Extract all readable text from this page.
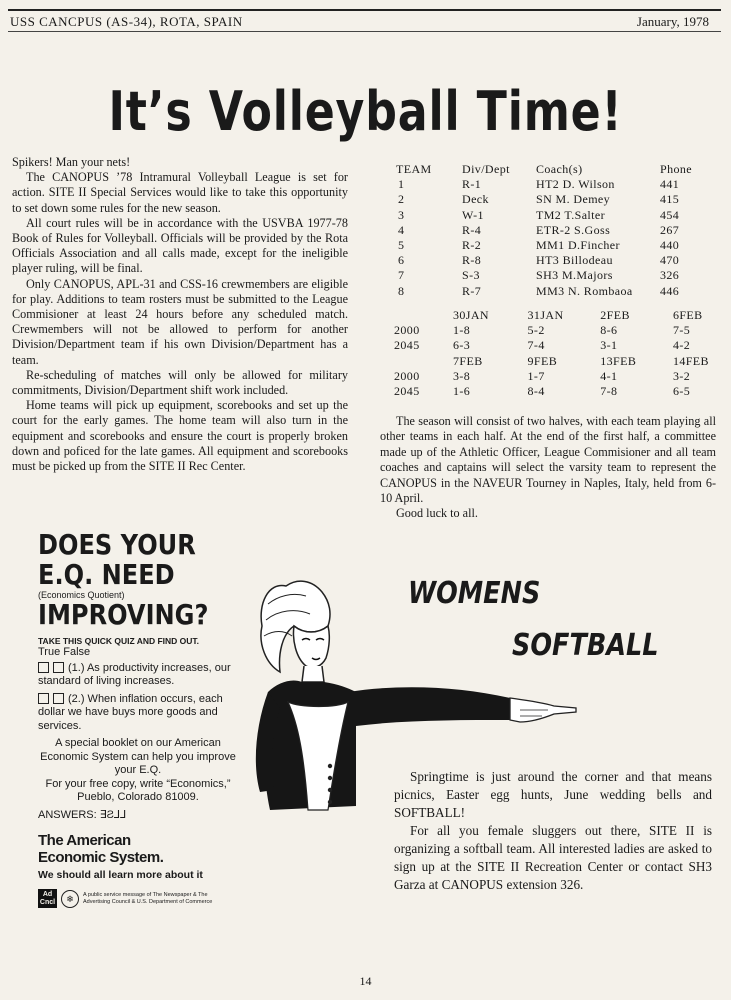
USS CANCPUS (AS-34), ROTA, SPAIN	January, 1978
It’s Volleyball Time!

Spikers! Man your nets!

The CANOPUS ’78 Intramural Volleyball League is set for action. SITE II Special Services would like to take this opportunity to set down some rules for the new season.

All court rules will be in accordance with the USVBA 1977-78 Book of Rules for Volleyball. Officials will be provided by the Rota Officials Association and all calls made, except for the ineligible player ruling, will be final.

Only CANOPUS, APL-31 and CSS-16 crewmembers are eligible for play. Additions to team rosters must be submitted to the League Commisioner at least 24 hours before any scheduled match. Crewmembers will not be allowed to perform for another Division/Department team if his own Division/Department has a team.

Re-scheduling of matches will only be allowed for military commitments, Division/Department shift work included.

Home teams will pick up equipment, scorebooks and set up the court for the early games. The home team will also turn in the equipment and scorebooks and ensure the court is properly broken down and poficed for the late games. All equipment and scorebooks must be picked up from the SITE II Rec Center.

TEAM	Div/Dept	Coach(s)	Phone
1	R-1	HT2 D. Wilson	441
2	Deck	SN M. Demey	415
3	W-1	TM2 T.Salter	454
4	R-4	ETR-2 S.Goss	267
5	R-2	MM1 D.Fincher	440
6	R-8	HT3 Billodeau	470
7	S-3	SH3 M.Majors	326
8	R-7	MM3 N. Rombaoa	446
	30JAN	31JAN	2FEB	6FEB
2000	1-8	5-2	8-6	7-5
2045	6-3	7-4	3-1	4-2
	7FEB	9FEB	13FEB	14FEB
2000	3-8	1-7	4-1	3-2
2045	1-6	8-4	7-8	6-5

The season will consist of two halves, with each team playing all other teams in each half. At the end of the first half, a committee made up of the Athletic Officer, League Commisioner and all team coaches and captains will select the varsity team to represent the CANOPUS in the NAVEUR Tourney in Naples, Italy, held from 6-10 April.

Good luck to all.

DOES YOUR
E.Q. NEED
(Economics Quotient)
IMPROVING?
TAKE THIS QUICK QUIZ AND FIND OUT.
True False
(1.) As productivity increases, our standard of living increases.
(2.) When inflation occurs, each dollar we have buys more goods and services.
A special booklet on our American Economic System can help you improve your E.Q.
For your free copy, write “Economics,” Pueblo, Colorado 81009.
ANSWERS: ∃Ƨ⅃⅃
The American
Economic System.
We should all learn more about it
Ad
Cncl	❄	A public service message of The Newspaper & The Advertising Council & U.S. Department of Commerce
WOMENS
SOFTBALL

Springtime is just around the corner and that means picnics, Easter egg hunts, June wedding bells and SOFTBALL!

For all you female sluggers out there, SITE II is organizing a softball team. All interested ladies are asked to sign up at the SITE II Recreation Center or contact SH3 Garza at CANOPUS extension 326.

14
